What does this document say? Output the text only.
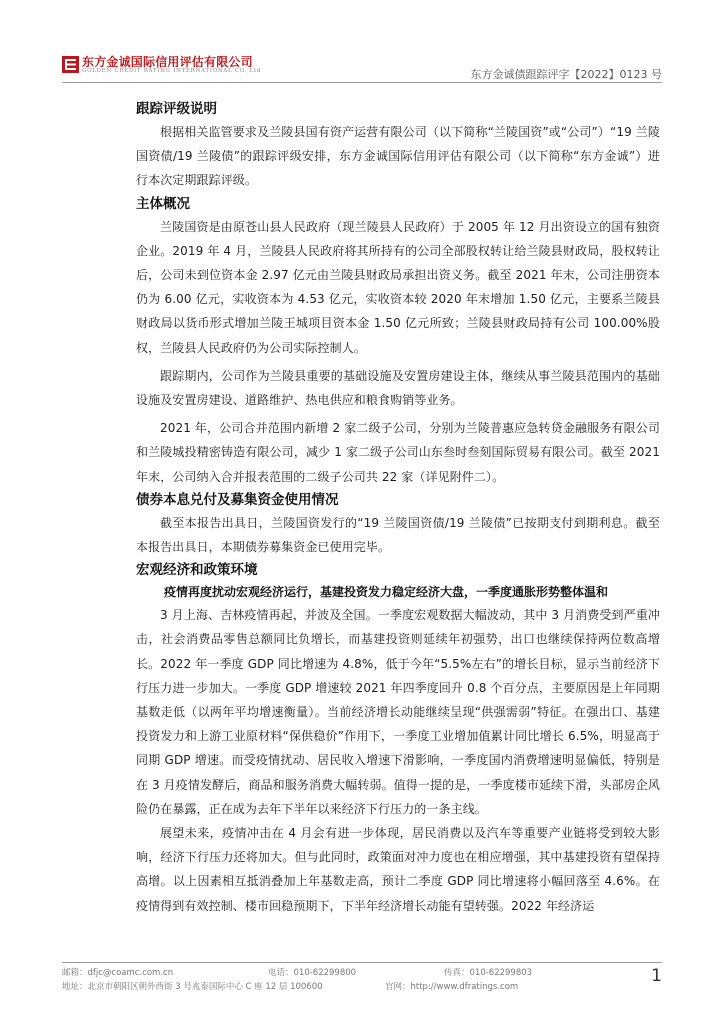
东方金诚国际信用评估有限公司
GOLDEN CREDIT RATING INTERNATIONAL CO.,Ltd	东方金诚债跟踪评字【2022】0123 号
跟踪评级说明

根据相关监管要求及兰陵县国有资产运营有限公司（以下简称“兰陵国资”或“公司”）“19 兰陵国资债/19 兰陵债”的跟踪评级安排，东方金诚国际信用评估有限公司（以下简称“东方金诚”）进行本次定期跟踪评级。

主体概况

兰陵国资是由原苍山县人民政府（现兰陵县人民政府）于 2005 年 12 月出资设立的国有独资企业。2019 年 4 月，兰陵县人民政府将其所持有的公司全部股权转让给兰陵县财政局，股权转让后，公司未到位资本金 2.97 亿元由兰陵县财政局承担出资义务。截至 2021 年末，公司注册资本仍为 6.00 亿元，实收资本为 4.53 亿元，实收资本较 2020 年末增加 1.50 亿元，主要系兰陵县财政局以货币形式增加兰陵王城项目资本金 1.50 亿元所致；兰陵县财政局持有公司 100.00%股权，兰陵县人民政府仍为公司实际控制人。

跟踪期内，公司作为兰陵县重要的基础设施及安置房建设主体，继续从事兰陵县范围内的基础设施及安置房建设、道路维护、热电供应和粮食购销等业务。

2021 年，公司合并范围内新增 2 家二级子公司，分别为兰陵普惠应急转贷金融服务有限公司和兰陵城投精密铸造有限公司，减少 1 家二级子公司山东叁时叁刻国际贸易有限公司。截至 2021 年末，公司纳入合并报表范围的二级子公司共 22 家（详见附件二）。

债券本息兑付及募集资金使用情况

截至本报告出具日，兰陵国资发行的“19 兰陵国资债/19 兰陵债”已按期支付到期利息。截至本报告出具日，本期债券募集资金已使用完毕。

宏观经济和政策环境
疫情再度扰动宏观经济运行，基建投资发力稳定经济大盘，一季度通胀形势整体温和

3 月上海、吉林疫情再起，并波及全国。一季度宏观数据大幅波动，其中 3 月消费受到严重冲击，社会消费品零售总额同比负增长，而基建投资则延续年初强势，出口也继续保持两位数高增长。2022 年一季度 GDP 同比增速为 4.8%，低于今年“5.5%左右”的增长目标，显示当前经济下行压力进一步加大。一季度 GDP 增速较 2021 年四季度回升 0.8 个百分点，主要原因是上年同期基数走低（以两年平均增速衡量）。当前经济增长动能继续呈现“供强需弱”特征。在强出口、基建投资发力和上游工业原材料“保供稳价”作用下，一季度工业增加值累计同比增长 6.5%，明显高于同期 GDP 增速。而受疫情扰动、居民收入增速下滑影响，一季度国内消费增速明显偏低，特别是在 3 月疫情发酵后，商品和服务消费大幅转弱。值得一提的是，一季度楼市延续下滑，头部房企风险仍在暴露，正在成为去年下半年以来经济下行压力的一条主线。

展望未来，疫情冲击在 4 月会有进一步体现，居民消费以及汽车等重要产业链将受到较大影响，经济下行压力还将加大。但与此同时，政策面对冲力度也在相应增强，其中基建投资有望保持高增。以上因素相互抵消叠加上年基数走高，预计二季度 GDP 同比增速将小幅回落至 4.6%。在疫情得到有效控制、楼市回稳预期下，下半年经济增长动能有望转强。2022 年经济运

邮箱：dfjc@coamc.com.cn	电话：010-62299800	传真：010-62299803
地址：北京市朝阳区朝外西街 3 号兆泰国际中心 C 座 12 层 100600	官网：http://www.dfratings.com
1
